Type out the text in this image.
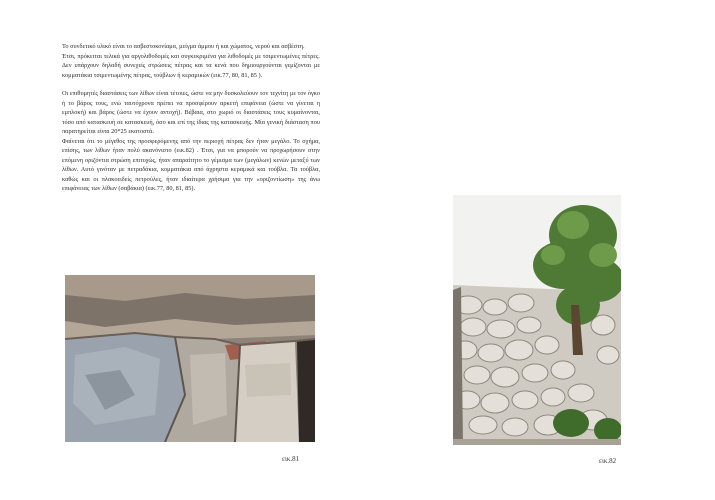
Το συνδετικό υλικό είναι το ασβεστοκονίαμα, μείγμα άμμου ή και χώματος, νερού και ασβέστη.

Έτσι, πρόκειται τελικά για αργολιθοδομές και συγκεκριμένα για λιθοδομές με τσιμεντωμένες πέτρες. Δεν υπάρχουν δηλαδή συνεχείς στρώσεις πέτρας και τα κενά που δημιουργούνται γεμίζονται με κομματάκια τσιμεντωμένης πέτρας, τούβλων ή κεραμικών (εικ.77, 80, 81, 85 ).

Οι επιθυμητές διαστάσεις των λίθων είναι τέτοιες, ώστε να μην δυσκολεύουν τον τεχνίτη με τον όγκο ή το βάρος τους, ενώ ταυτόχρονα πρέπει να προσφέρουν αρκετή επιφάνεια (ώστε να γίνεται η εμπλοκή) και βάρος (ώστε να έχουν αντοχή). Βέβαια, στο χωριό οι διαστάσεις τους κυμαίνονται, τόσο από κατασκευή σε κατασκευή, όσο και επί της ίδιας της κατασκευής. Μία γενική διάσταση που παρατηρείται είναι 20*25 εκατοστά.

Φαίνεται ότι το μέγεθος της προσφερόμενης από την περιοχή πέτρας δεν ήταν μεγάλο. Το σχήμα, επίσης, των λίθων ήταν πολύ ακανόνιστο (εικ.82) . Έτσι, για να μπορούν να προχωρήσουν στην επόμενη οριζόντια στρώση επιτυχώς, ήταν απαραίτητο το γέμισμα των (μεγάλων) κενών μεταξύ των λίθων. Αυτό γινόταν με πετραδάκια, κομματάκια από άχρηστα κεραμικά και τούβλα. Τα τούβλα, καθώς και οι πλακοειδείς πετρούλες, ήταν ιδιαίτερα χρήσιμα για την «οριζοντίωση» της άνω επιφάνειας των λίθων (σαβάκια) (εικ.77, 80, 81, 85).

εικ.81	εικ.82
